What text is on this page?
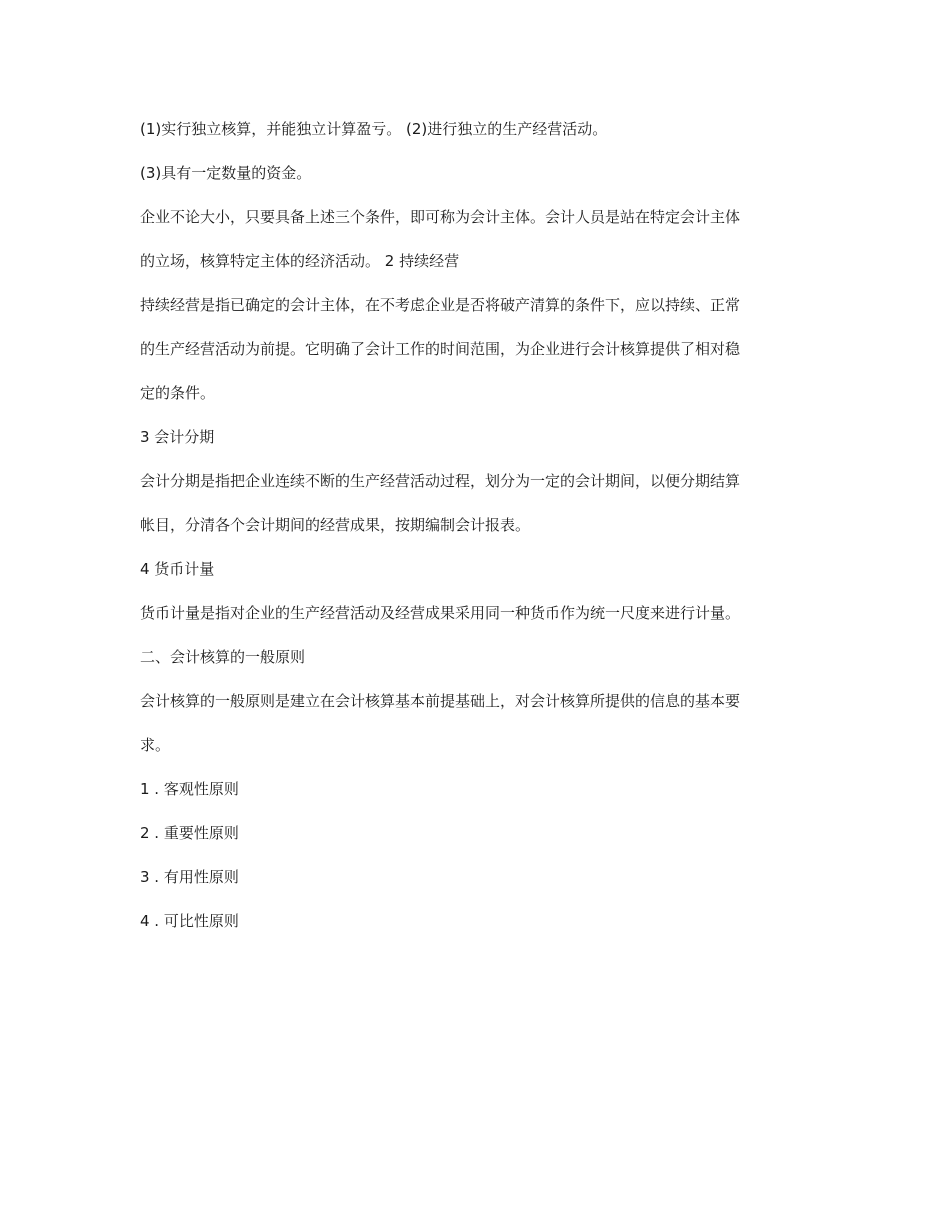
(1)实行独立核算，并能独立计算盈亏。 (2)进行独立的生产经营活动。

(3)具有一定数量的资金。

企业不论大小，只要具备上述三个条件，即可称为会计主体。会计人员是站在特定会计主体

的立场，核算特定主体的经济活动。 2 持续经营

持续经营是指已确定的会计主体，在不考虑企业是否将破产清算的条件下，应以持续、正常

的生产经营活动为前提。它明确了会计工作的时间范围，为企业进行会计核算提供了相对稳

定的条件。

3 会计分期

会计分期是指把企业连续不断的生产经营活动过程，划分为一定的会计期间，以便分期结算

帐目，分清各个会计期间的经营成果，按期编制会计报表。

4 货币计量

货币计量是指对企业的生产经营活动及经营成果采用同一种货币作为统一尺度来进行计量。

二、会计核算的一般原则

会计核算的一般原则是建立在会计核算基本前提基础上，对会计核算所提供的信息的基本要

求。

1 . 客观性原则

2 . 重要性原则

3 . 有用性原则

4 . 可比性原则
